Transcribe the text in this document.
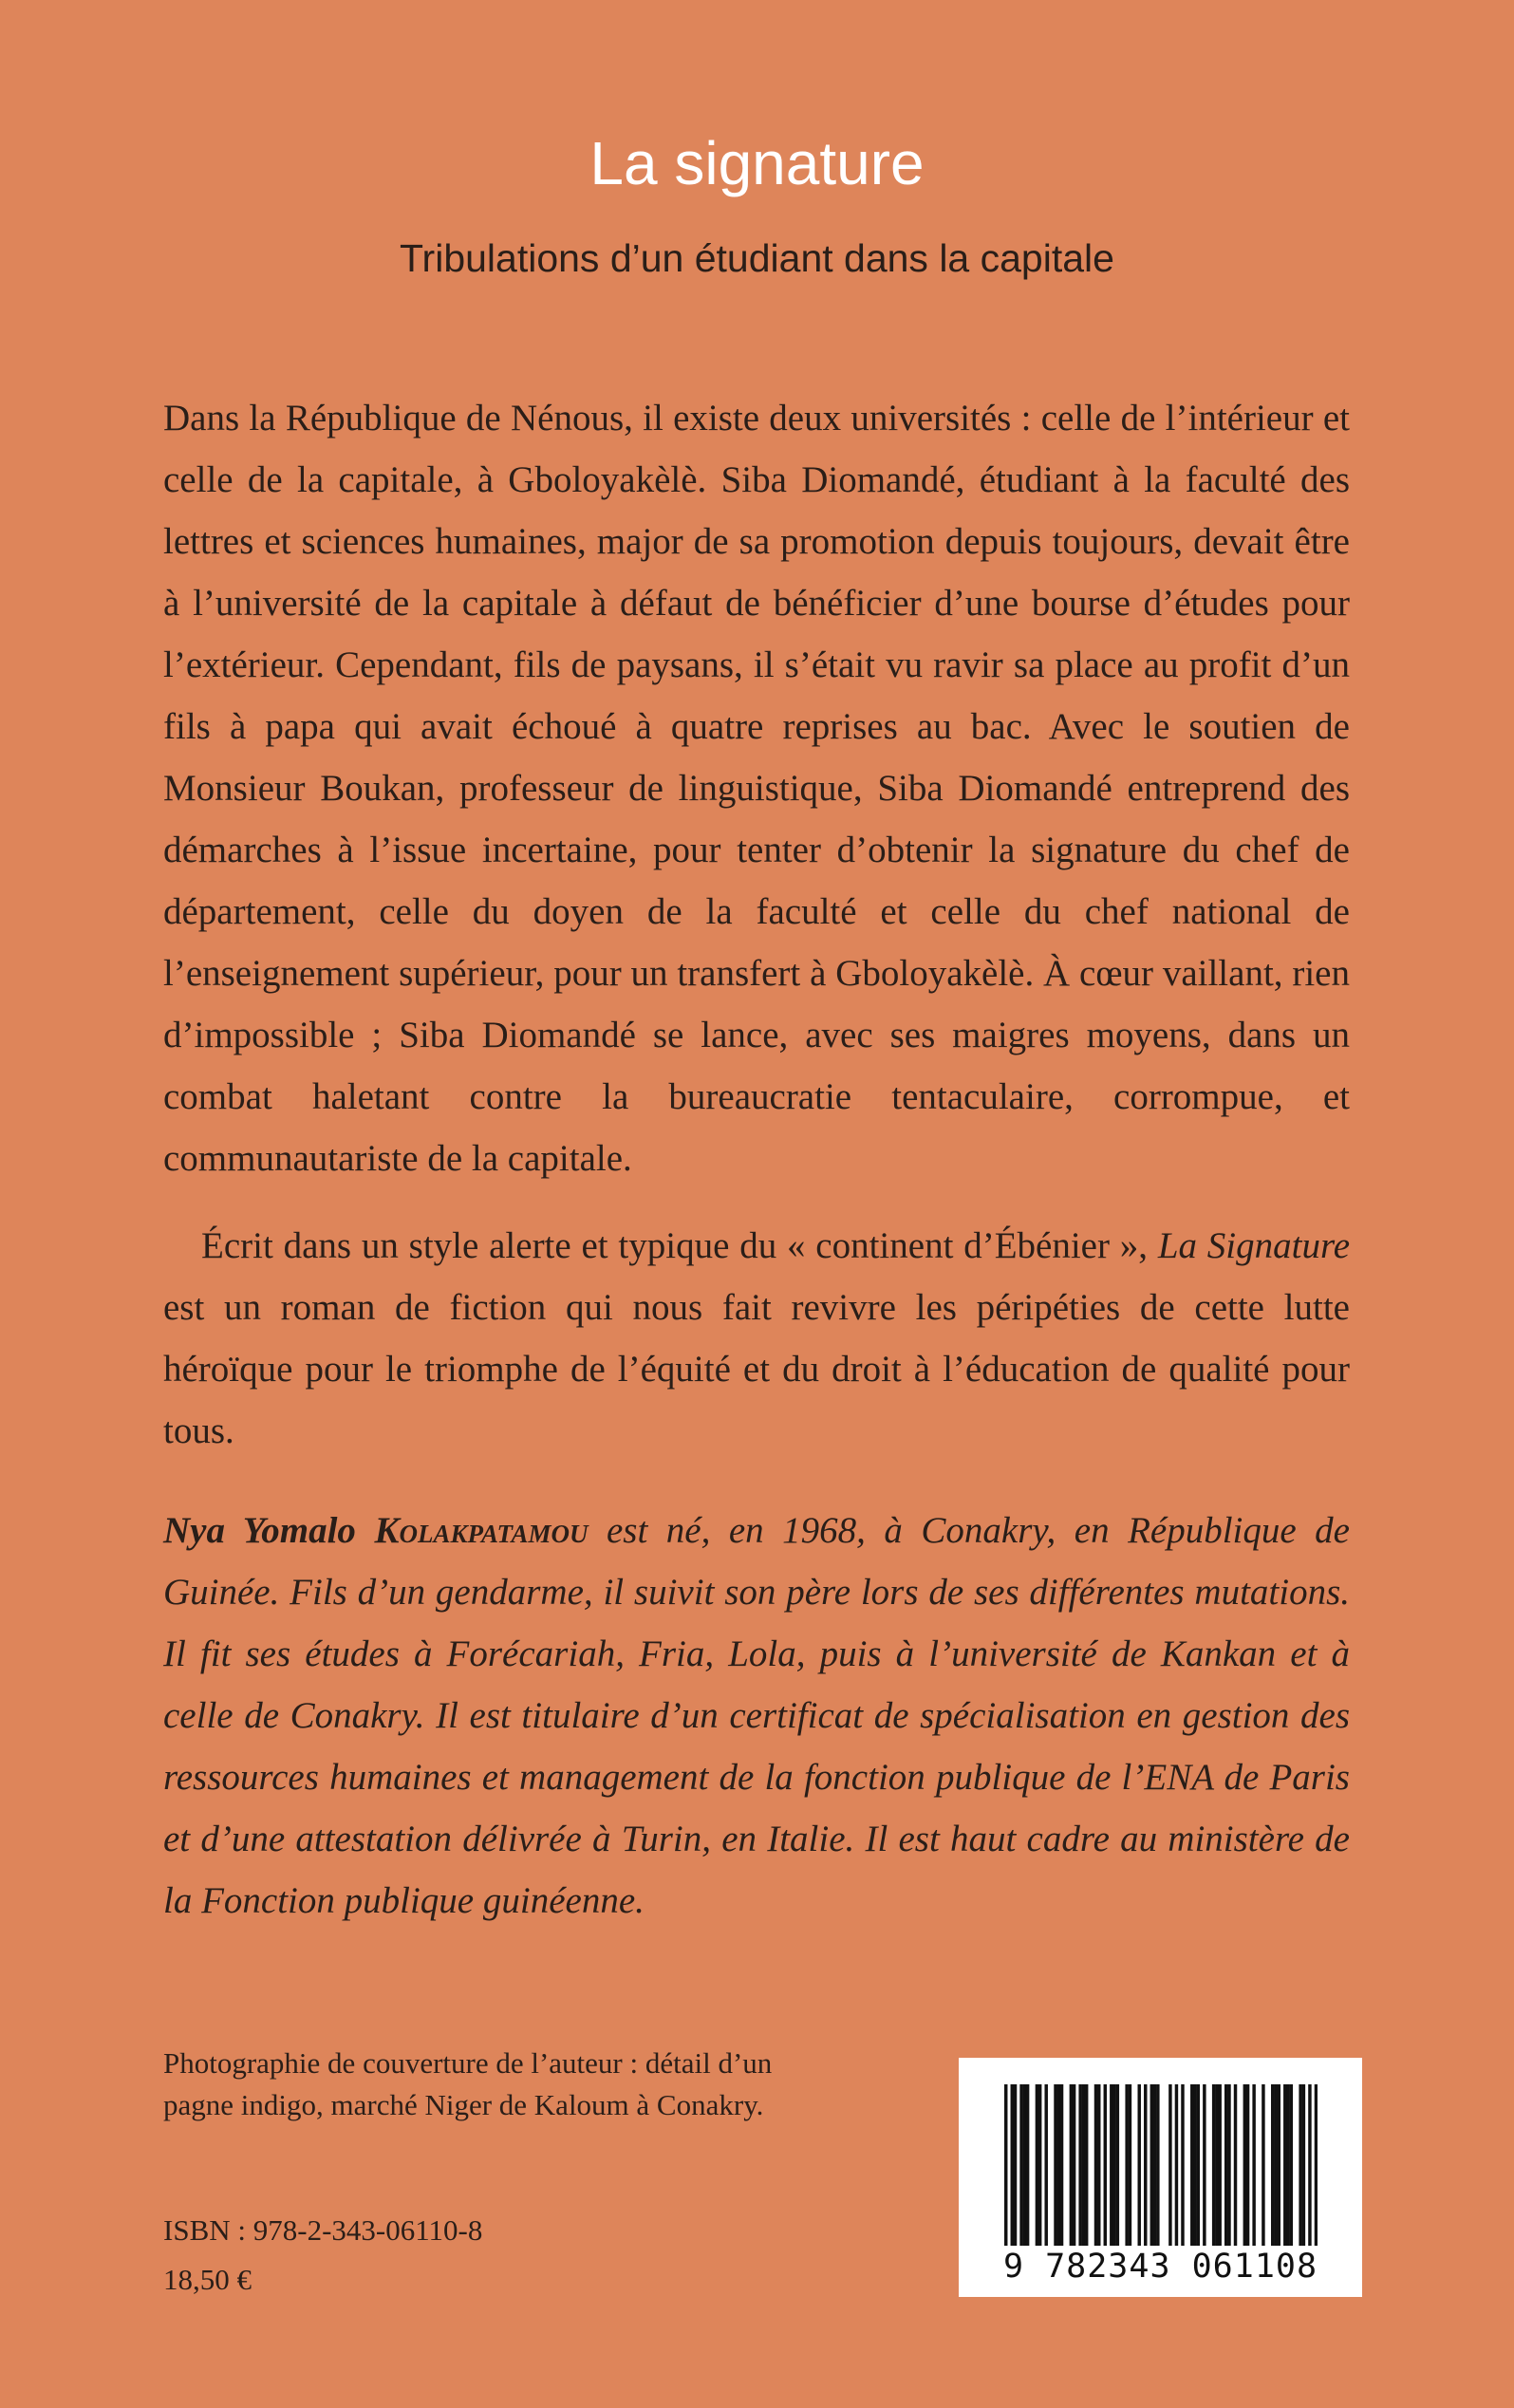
La signature
Tribulations d’un étudiant dans la capitale

Dans la République de Nénous, il existe deux universités : celle de l’intérieur et celle de la capitale, à Gboloyakèlè. Siba Diomandé, étudiant à la faculté des lettres et sciences humaines, major de sa promotion depuis toujours, devait être à l’université de la capitale à défaut de bénéficier d’une bourse d’études pour l’extérieur. Cependant, fils de paysans, il s’était vu ravir sa place au profit d’un fils à papa qui avait échoué à quatre reprises au bac. Avec le soutien de Monsieur Boukan, professeur de linguistique, Siba Diomandé entreprend des démarches à l’issue incertaine, pour tenter d’obtenir la signature du chef de département, celle du doyen de la faculté et celle du chef national de l’enseignement supérieur, pour un transfert à Gboloyakèlè. À cœur vaillant, rien d’impossible ; Siba Diomandé se lance, avec ses maigres moyens, dans un combat haletant contre la bureaucratie tentaculaire, corrompue, et communautariste de la capitale.

Écrit dans un style alerte et typique du « continent d’Ébénier », La Signature est un roman de fiction qui nous fait revivre les péripéties de cette lutte héroïque pour le triomphe de l’équité et du droit à l’éducation de qualité pour tous.

Nya Yomalo Kolakpatamou est né, en 1968, à Conakry, en République de Guinée. Fils d’un gendarme, il suivit son père lors de ses différentes mutations. Il fit ses études à Forécariah, Fria, Lola, puis à l’université de Kankan et à celle de Conakry. Il est titulaire d’un certificat de spécialisation en gestion des ressources humaines et management de la fonction publique de l’ENA de Paris et d’une attestation délivrée à Turin, en Italie. Il est haut cadre au ministère de la Fonction publique guinéenne.

Photographie de couverture de l’auteur : détail d’un pagne indigo, marché Niger de Kaloum à Conakry.

ISBN : 978-2-343-06110-8
18,50 €	9 782343 061108
